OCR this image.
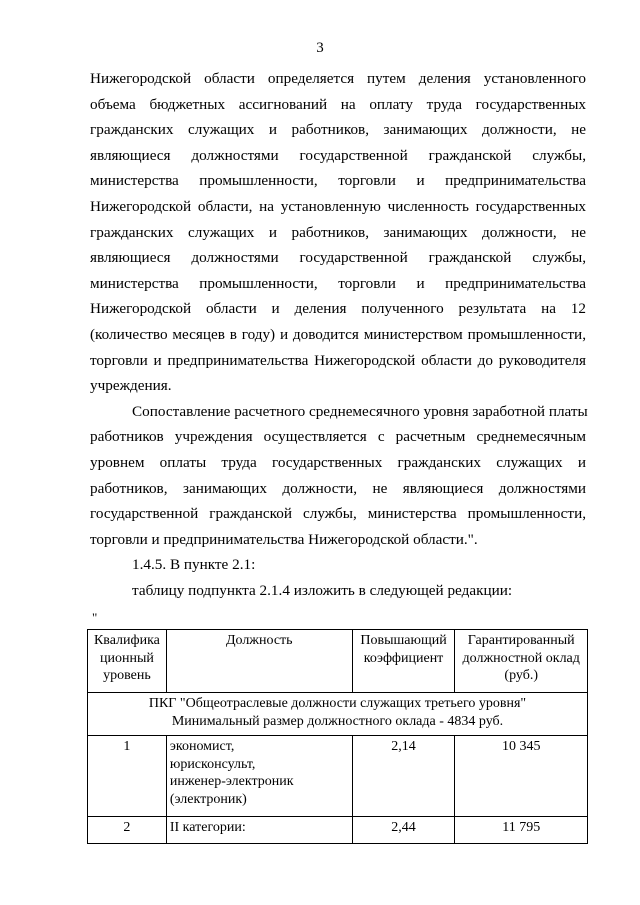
3
Нижегородской области определяется путем деления установленного
объема бюджетных ассигнований на оплату труда государственных
гражданских служащих и работников, занимающих должности, не
являющиеся должностями государственной гражданской службы,
министерства промышленности, торговли и предпринимательства
Нижегородской области, на установленную численность государственных
гражданских служащих и работников, занимающих должности, не
являющиеся должностями государственной гражданской службы,
министерства промышленности, торговли и предпринимательства
Нижегородской области и деления полученного результата на 12
(количество месяцев в году) и доводится министерством промышленности,
торговли и предпринимательства Нижегородской области до руководителя
учреждения.
Сопоставление расчетного среднемесячного уровня заработной платы
работников учреждения осуществляется с расчетным среднемесячным
уровнем оплаты труда государственных гражданских служащих и
работников, занимающих должности, не являющиеся должностями
государственной гражданской службы, министерства промышленности,
торговли и предпринимательства Нижегородской области.".
1.4.5. В пункте 2.1:
таблицу подпункта 2.1.4 изложить в следующей редакции:
"
Квалифика ционный уровень	Должность	Повышающий коэффициент	Гарантированный должностной оклад (руб.)

ПКГ "Общеотраслевые должности служащих третьего уровня"
Минимальный размер должностного оклада - 4834 руб.			

1	экономист,
юрисконсульт,
инженер-электроник
(электроник)	2,14	10 345
2	II категории:	2,44	11 795
